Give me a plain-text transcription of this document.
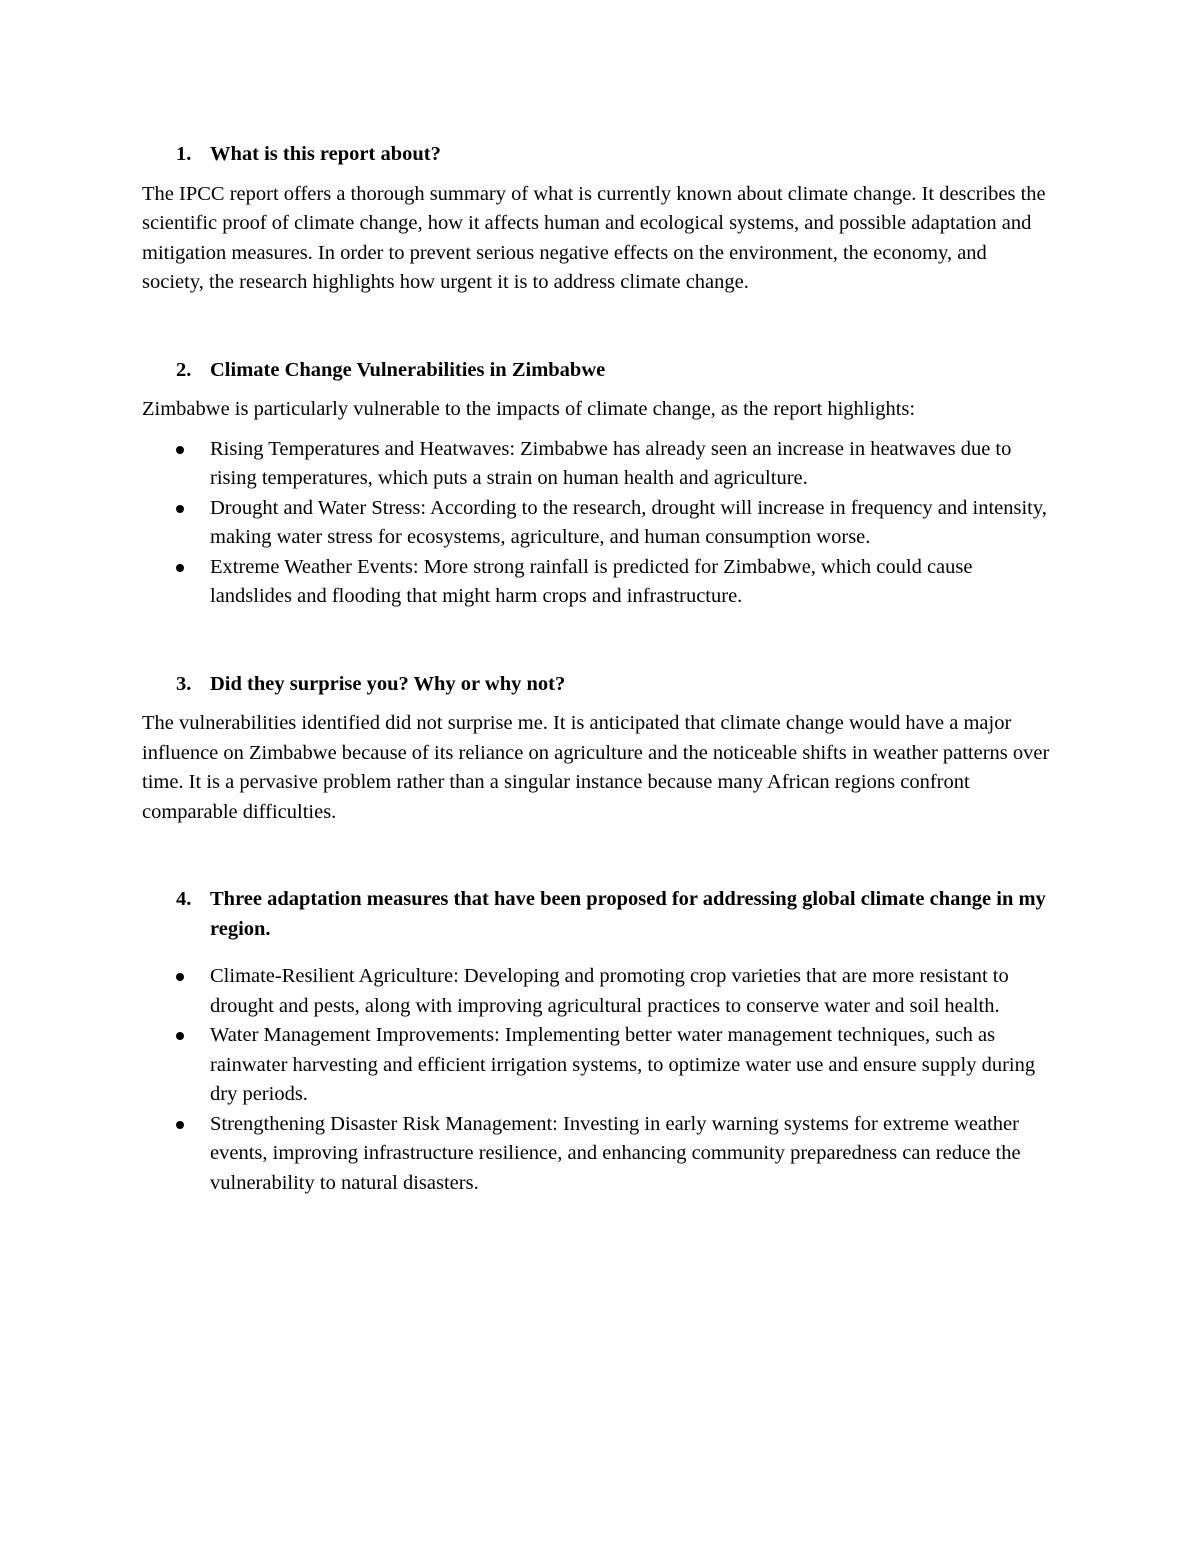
1. What is this report about?

The IPCC report offers a thorough summary of what is currently known about climate change. It describes the scientific proof of climate change, how it affects human and ecological systems, and possible adaptation and mitigation measures. In order to prevent serious negative effects on the environment, the economy, and society, the research highlights how urgent it is to address climate change.

2. Climate Change Vulnerabilities in Zimbabwe

Zimbabwe is particularly vulnerable to the impacts of climate change, as the report highlights:

Rising Temperatures and Heatwaves: Zimbabwe has already seen an increase in heatwaves due to rising temperatures, which puts a strain on human health and agriculture.
Drought and Water Stress: According to the research, drought will increase in frequency and intensity, making water stress for ecosystems, agriculture, and human consumption worse.
Extreme Weather Events: More strong rainfall is predicted for Zimbabwe, which could cause landslides and flooding that might harm crops and infrastructure.
3. Did they surprise you? Why or why not?

The vulnerabilities identified did not surprise me. It is anticipated that climate change would have a major influence on Zimbabwe because of its reliance on agriculture and the noticeable shifts in weather patterns over time. It is a pervasive problem rather than a singular instance because many African regions confront comparable difficulties.

4. Three adaptation measures that have been proposed for addressing global climate change in my region.
Climate-Resilient Agriculture: Developing and promoting crop varieties that are more resistant to drought and pests, along with improving agricultural practices to conserve water and soil health.
Water Management Improvements: Implementing better water management techniques, such as rainwater harvesting and efficient irrigation systems, to optimize water use and ensure supply during dry periods.
Strengthening Disaster Risk Management: Investing in early warning systems for extreme weather events, improving infrastructure resilience, and enhancing community preparedness can reduce the vulnerability to natural disasters.
